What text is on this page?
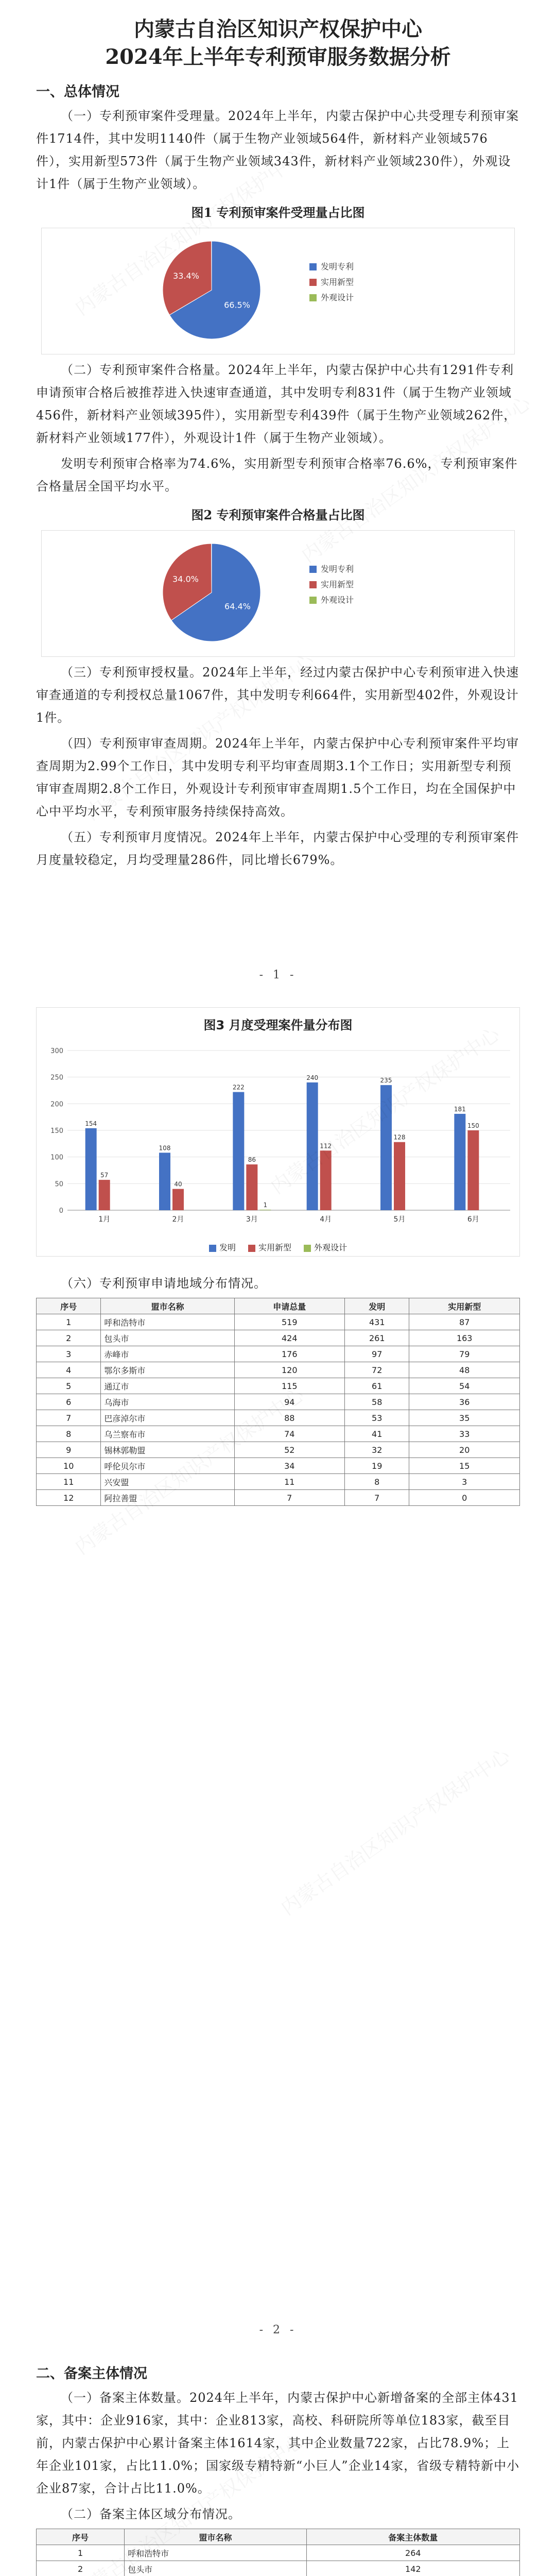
内蒙古自治区知识产权保护中心
2024年上半年专利预审服务数据分析
一、总体情况

（一）专利预审案件受理量。2024年上半年，内蒙古保护中心共受理专利预审案件1714件，其中发明1140件（属于生物产业领域564件，新材料产业领域576件），实用新型573件（属于生物产业领域343件，新材料产业领域230件），外观设计1件（属于生物产业领域）。

图1 专利预审案件受理量占比图
66.5%
发明专利
33.4%
实用新型
外观设计

（二）专利预审案件合格量。2024年上半年，内蒙古保护中心共有1291件专利申请预审合格后被推荐进入快速审查通道，其中发明专利831件（属于生物产业领域456件，新材料产业领域395件），实用新型专利439件（属于生物产业领域262件，新材料产业领域177件），外观设计1件（属于生物产业领域）。

发明专利预审合格率为74.6%，实用新型专利预审合格率76.6%，专利预审案件合格量居全国平均水平。

图2 专利预审案件合格量占比图
64.4%
发明专利
34.0%
实用新型
外观设计

（三）专利预审授权量。2024年上半年，经过内蒙古保护中心专利预审进入快速审查通道的专利授权总量1067件，其中发明专利664件，实用新型402件，外观设计1件。

（四）专利预审审查周期。2024年上半年，内蒙古保护中心专利预审案件平均审查周期为2.99个工作日，其中发明专利平均审查周期3.1个工作日；实用新型专利预审审查周期2.8个工作日，外观设计专利预审审查周期1.5个工作日，均在全国保护中心中平均水平，专利预审服务持续保持高效。

（五）专利预审月度情况。2024年上半年，内蒙古保护中心受理的专利预审案件月度量较稳定，月均受理量286件，同比增长679%。

- 1 -
图3 月度受理案件量分布图
0
50
100
150
200
250
300
154
57
1月
108
40
2月
222
86
1
3月
240
112
4月
235
128
5月
181
150
6月
发明	实用新型	外观设计

（六）专利预审申请地域分布情况。

序号	盟市名称	申请总量	发明	实用新型
1	呼和浩特市	519	431	87
2	包头市	424	261	163
3	赤峰市	176	97	79
4	鄂尔多斯市	120	72	48
5	通辽市	115	61	54
6	乌海市	94	58	36
7	巴彦淖尔市	88	53	35
8	乌兰察布市	74	41	33
9	锡林郭勒盟	52	32	20
10	呼伦贝尔市	34	19	15
11	兴安盟	11	8	3
12	阿拉善盟	7	7	0
- 2 -
二、备案主体情况

（一）备案主体数量。2024年上半年，内蒙古保护中心新增备案的全部主体431家，其中：企业916家，其中：企业813家，高校、科研院所等单位183家，截至目前，内蒙古保护中心累计备案主体1614家，其中企业数量722家，占比78.9%；上年企业101家，占比11.0%；国家级专精特新“小巨人”企业14家，省级专精特新中小企业87家，合计占比11.0%。

（二）备案主体区域分布情况。

序号	盟市名称	备案主体数量
1	呼和浩特市	264
2	包头市	142
